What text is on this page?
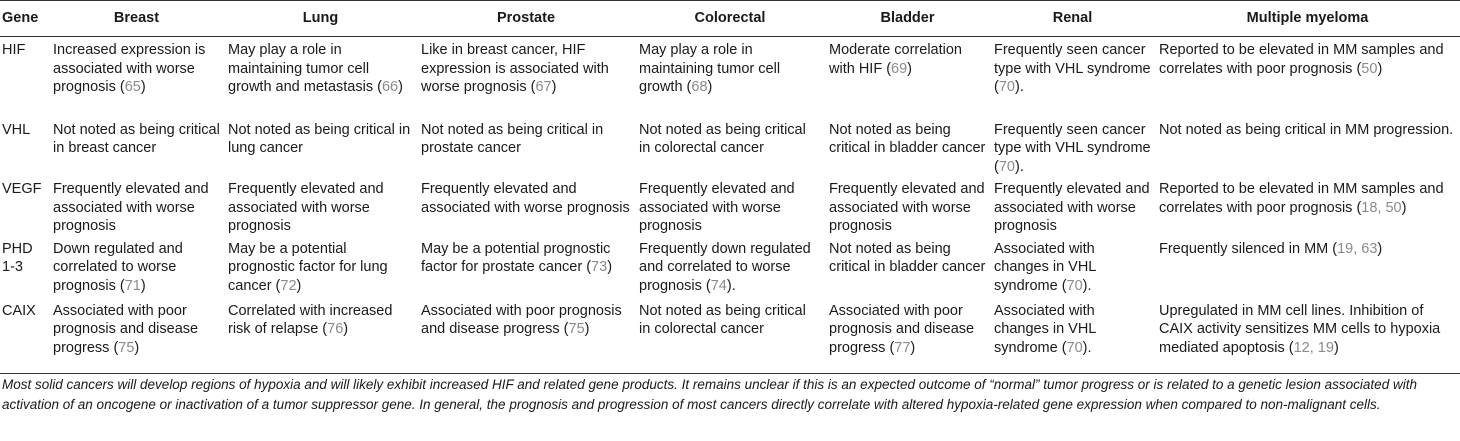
Gene	Breast	Lung	Prostate	Colorectal	Bladder	Renal	Multiple myeloma
HIF	Increased expression is associated with worse prognosis (65)	May play a role in maintaining tumor cell growth and metastasis (66)	Like in breast cancer, HIF expression is associated with worse prognosis (67)	May play a role in maintaining tumor cell growth (68)	Moderate correlation with HIF (69)	Frequently seen cancer type with VHL syndrome (70).	Reported to be elevated in MM samples and correlates with poor prognosis (50)
VHL	Not noted as being critical in breast cancer	Not noted as being critical in lung cancer	Not noted as being critical in prostate cancer	Not noted as being critical in colorectal cancer	Not noted as being critical in bladder cancer	Frequently seen cancer type with VHL syndrome (70).	Not noted as being critical in MM progression.
VEGF	Frequently elevated and associated with worse prognosis	Frequently elevated and associated with worse prognosis	Frequently elevated and associated with worse prognosis	Frequently elevated and associated with worse prognosis	Frequently elevated and associated with worse prognosis	Frequently elevated and associated with worse prognosis	Reported to be elevated in MM samples and correlates with poor prognosis (18, 50)
PHD 1-3	Down regulated and correlated to worse prognosis (71)	May be a potential prognostic factor for lung cancer (72)	May be a potential prognostic factor for prostate cancer (73)	Frequently down regulated and correlated to worse prognosis (74).	Not noted as being critical in bladder cancer	Associated with changes in VHL syndrome (70).	Frequently silenced in MM (19, 63)
CAIX	Associated with poor prognosis and disease progress (75)	Correlated with increased risk of relapse (76)	Associated with poor prognosis and disease progress (75)	Not noted as being critical in colorectal cancer	Associated with poor prognosis and disease progress (77)	Associated with changes in VHL syndrome (70).	Upregulated in MM cell lines. Inhibition of CAIX activity sensitizes MM cells to hypoxia mediated apoptosis (12, 19)
Most solid cancers will develop regions of hypoxia and will likely exhibit increased HIF and related gene products. It remains unclear if this is an expected outcome of “normal” tumor progress or is related to a genetic lesion associated with activation of an oncogene or inactivation of a tumor suppressor gene. In general, the prognosis and progression of most cancers directly correlate with altered hypoxia-related gene expression when compared to non-malignant cells.
